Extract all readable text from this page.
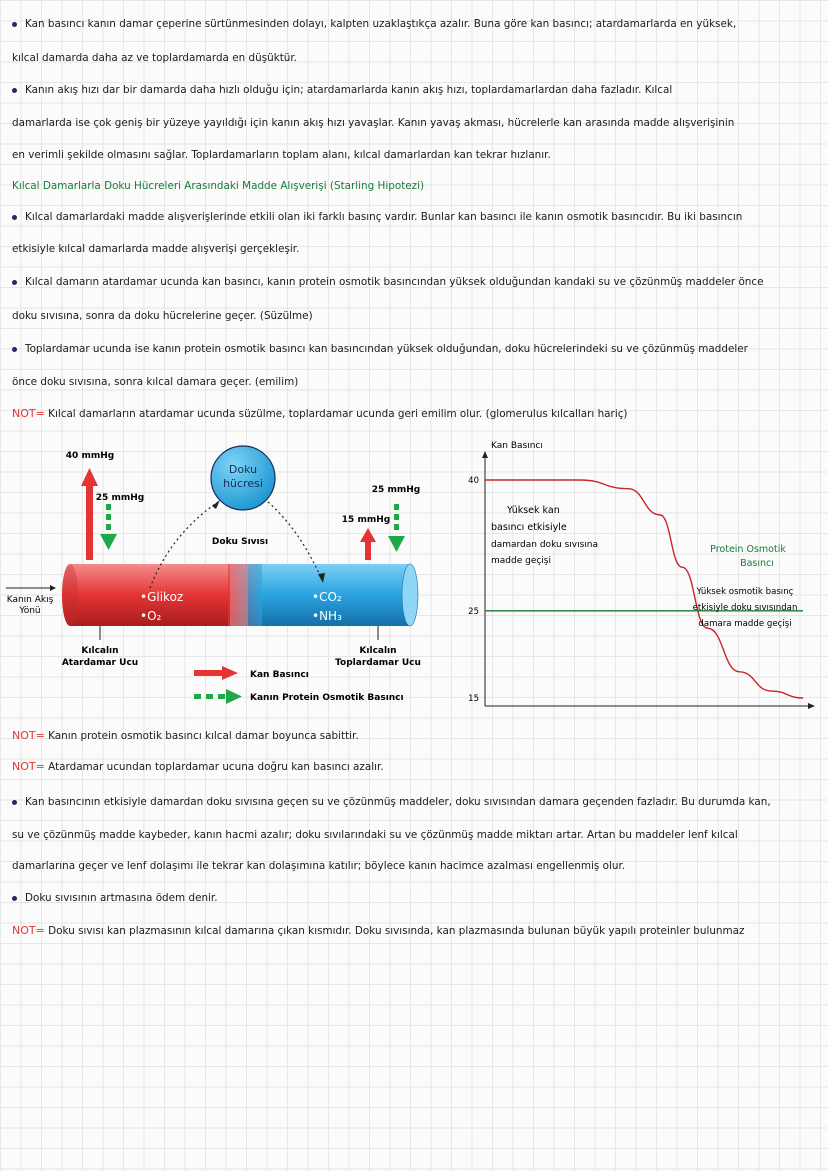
Kan basıncı kanın damar çeperine sürtünmesinden dolayı, kalpten uzaklaştıkça azalır. Buna göre kan basıncı; atardamarlarda en yüksek,
kılcal damarda daha az ve toplardamarda en düşüktür.
Kanın akış hızı dar bir damarda daha hızlı olduğu için; atardamarlarda kanın akış hızı, toplardamarlardan daha fazladır. Kılcal
damarlarda ise çok geniş bir yüzeye yayıldığı için kanın akış hızı yavaşlar. Kanın yavaş akması, hücrelerle kan arasında madde alışverişinin
en verimli şekilde olmasını sağlar. Toplardamarların toplam alanı, kılcal damarlardan kan tekrar hızlanır.
Kılcal Damarlarla Doku Hücreleri Arasındaki Madde Alışverişi (Starling Hipotezi)
Kılcal damarlardaki madde alışverişlerinde etkili olan iki farklı basınç vardır. Bunlar kan basıncı ile kanın osmotik basıncıdır. Bu iki basıncın
etkisiyle kılcal damarlarda madde alışverişi gerçekleşir.
Kılcal damarın atardamar ucunda kan basıncı, kanın protein osmotik basıncından yüksek olduğundan kandaki su ve çözünmüş maddeler önce
doku sıvısına, sonra da doku hücrelerine geçer. (Süzülme)
Toplardamar ucunda ise kanın protein osmotik basıncı kan basıncından yüksek olduğundan, doku hücrelerindeki su ve çözünmüş maddeler
önce doku sıvısına, sonra kılcal damara geçer. (emilim)
NOT= Kılcal damarların atardamar ucunda süzülme, toplardamar ucunda geri emilim olur. (glomerulus kılcalları hariç)
Kanın Akış
Yönü
40 mmHg
25 mmHg
15 mmHg
25 mmHg
Doku
hücresi
Doku Sıvısı
•Glikoz
•O₂
•CO₂
•NH₃
Kılcalın
Atardamar Ucu
Kılcalın
Toplardamar Ucu
Kan Basıncı
Kanın Protein Osmotik Basıncı
40
25
15
Kan Basıncı
Yüksek kan
basıncı etkisiyle
damardan doku sıvısına
madde geçişi
Protein Osmotik
Basıncı
Yüksek osmotik basınç
etkisiyle doku sıvısından
damara madde geçişi
NOT= Kanın protein osmotik basıncı kılcal damar boyunca sabittir.
NOT= Atardamar ucundan toplardamar ucuna doğru kan basıncı azalır.
Kan basıncının etkisiyle damardan doku sıvısına geçen su ve çözünmüş maddeler, doku sıvısından damara geçenden fazladır. Bu durumda kan,
su ve çözünmüş madde kaybeder, kanın hacmi azalır; doku sıvılarındaki su ve çözünmüş madde miktarı artar. Artan bu maddeler lenf kılcal
damarlarına geçer ve lenf dolaşımı ile tekrar kan dolaşımına katılır; böylece kanın hacimce azalması engellenmiş olur.
Doku sıvısının artmasına ödem denir.
NOT= Doku sıvısı kan plazmasının kılcal damarına çıkan kısmıdır. Doku sıvısında, kan plazmasında bulunan büyük yapılı proteinler bulunmaz
